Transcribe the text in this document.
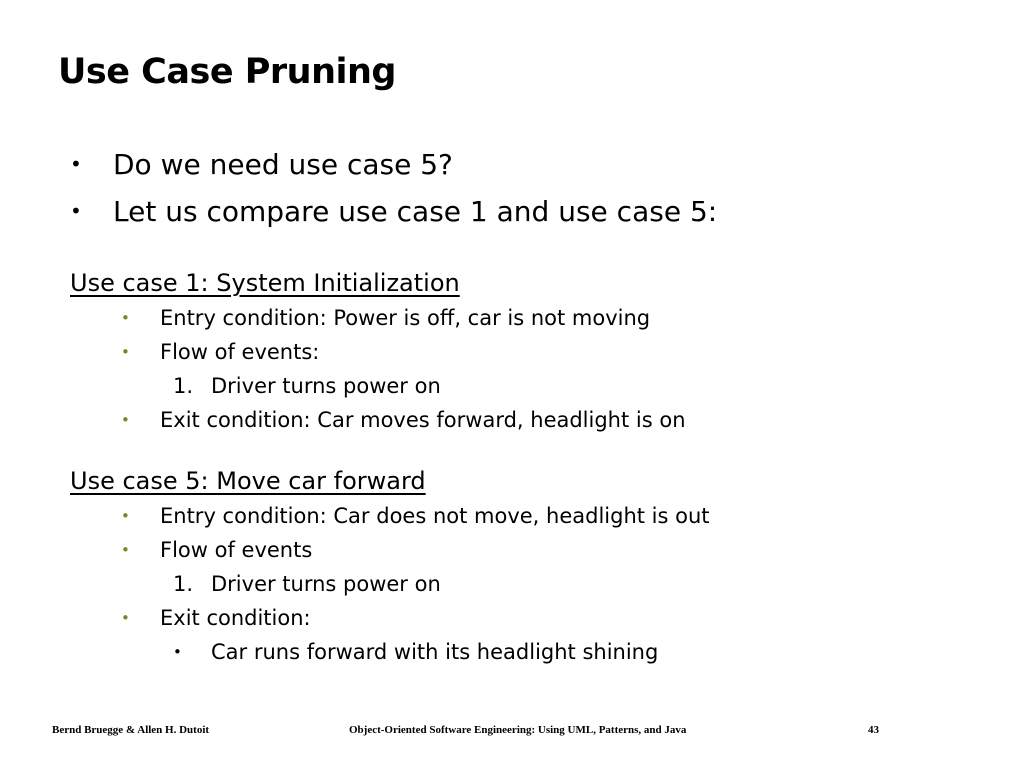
Use Case Pruning
• Do we need use case 5?
• Let us compare use case 1 and use case 5:
Use case 1: System Initialization
• Entry condition: Power is off, car is not moving
• Flow of events:
1. Driver turns power on
• Exit condition: Car moves forward, headlight is on
Use case 5: Move car forward
• Entry condition: Car does not move, headlight is out
• Flow of events
1. Driver turns power on
• Exit condition:
• Car runs forward with its headlight shining
Bernd Bruegge & Allen H. Dutoit	Object-Oriented Software Engineering: Using UML, Patterns, and Java	43
